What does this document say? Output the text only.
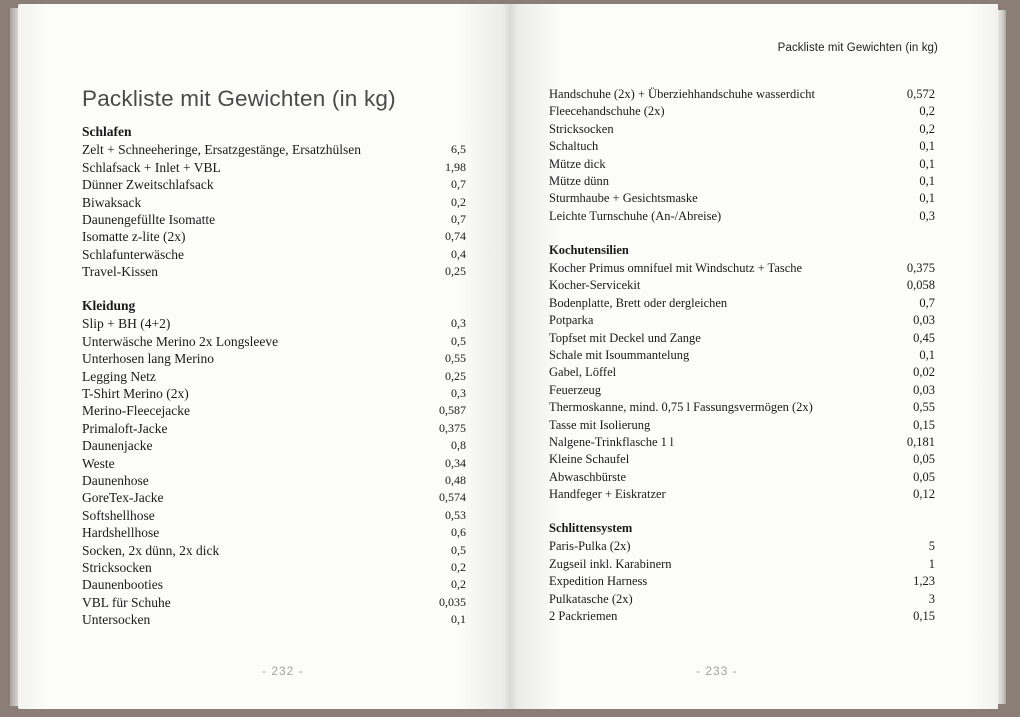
Packliste mit Gewichten (in kg)
- 232 -
Schlafen
Zelt + Schneeheringe, Ersatzgestänge, Ersatzhülsen	6,5
Schlafsack + Inlet + VBL	1,98
Dünner Zweitschlafsack	0,7
Biwaksack	0,2
Daunengefüllte Isomatte	0,7
Isomatte z-lite (2x)	0,74
Schlafunterwäsche	0,4
Travel-Kissen	0,25
Kleidung
Slip + BH (4+2)	0,3
Unterwäsche Merino 2x Longsleeve	0,5
Unterhosen lang Merino	0,55
Legging Netz	0,25
T-Shirt Merino (2x)	0,3
Merino-Fleecejacke	0,587
Primaloft-Jacke	0,375
Daunenjacke	0,8
Weste	0,34
Daunenhose	0,48
GoreTex-Jacke	0,574
Softshellhose	0,53
Hardshellhose	0,6
Socken, 2x dünn, 2x dick	0,5
Stricksocken	0,2
Daunenbooties	0,2
VBL für Schuhe	0,035
Untersocken	0,1
Packliste mit Gewichten (in kg)
- 233 -
Handschuhe (2x) + Überziehhandschuhe wasserdicht	0,572
Fleecehandschuhe (2x)	0,2
Stricksocken	0,2
Schaltuch	0,1
Mütze dick	0,1
Mütze dünn	0,1
Sturmhaube + Gesichtsmaske	0,1
Leichte Turnschuhe (An-/Abreise)	0,3
Kochutensilien
Kocher Primus omnifuel mit Windschutz + Tasche	0,375
Kocher-Servicekit	0,058
Bodenplatte, Brett oder dergleichen	0,7
Potparka	0,03
Topfset mit Deckel und Zange	0,45
Schale mit Isoummantelung	0,1
Gabel, Löffel	0,02
Feuerzeug	0,03
Thermoskanne, mind. 0,75 l Fassungsvermögen (2x)	0,55
Tasse mit Isolierung	0,15
Nalgene-Trinkflasche 1 l	0,181
Kleine Schaufel	0,05
Abwaschbürste	0,05
Handfeger + Eiskratzer	0,12
Schlittensystem
Paris-Pulka (2x)	5
Zugseil inkl. Karabinern	1
Expedition Harness	1,23
Pulkatasche (2x)	3
2 Packriemen	0,15
